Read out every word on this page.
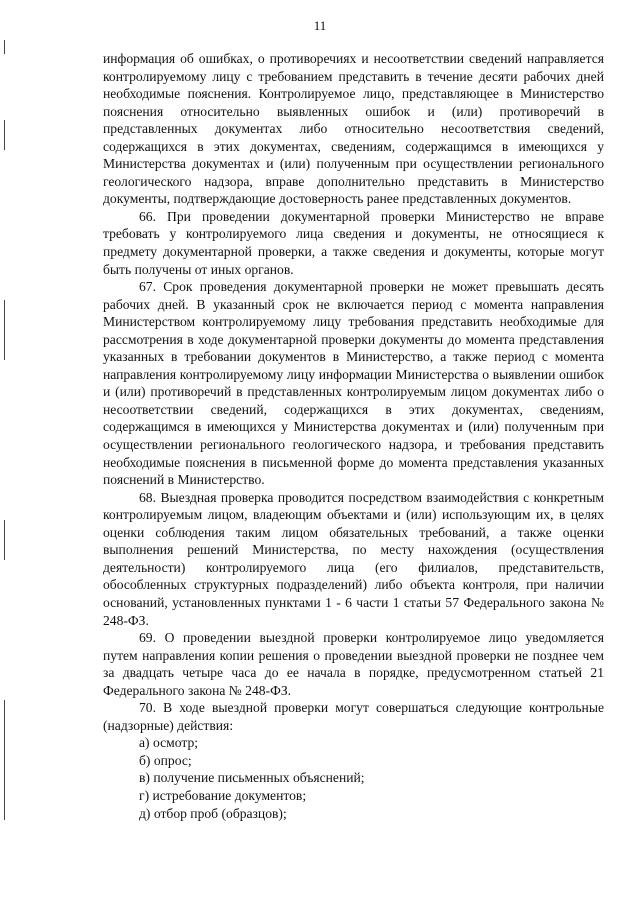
11

информация об ошибках, о противоречиях и несоответствии сведений направляется контролируемому лицу с требованием представить в течение десяти рабочих дней необходимые пояснения. Контролируемое лицо, представляющее в Министерство пояснения относительно выявленных ошибок и (или) противоречий в представленных документах либо относительно несоответствия сведений, содержащихся в этих документах, сведениям, содержащимся в имеющихся у Министерства документах и (или) полученным при осуществлении регионального геологического надзора, вправе дополнительно представить в Министерство документы, подтверждающие достоверность ранее представленных документов.

66. При проведении документарной проверки Министерство не вправе требовать у контролируемого лица сведения и документы, не относящиеся к предмету документарной проверки, а также сведения и документы, которые могут быть получены от иных органов.

67. Срок проведения документарной проверки не может превышать десять рабочих дней. В указанный срок не включается период с момента направления Министерством контролируемому лицу требования представить необходимые для рассмотрения в ходе документарной проверки документы до момента представления указанных в требовании документов в Министерство, а также период с момента направления контролируемому лицу информации Министерства о выявлении ошибок и (или) противоречий в представленных контролируемым лицом документах либо о несоответствии сведений, содержащихся в этих документах, сведениям, содержащимся в имеющихся у Министерства документах и (или) полученным при осуществлении регионального геологического надзора, и требования представить необходимые пояснения в письменной форме до момента представления указанных пояснений в Министерство.

68. Выездная проверка проводится посредством взаимодействия с конкретным контролируемым лицом, владеющим объектами и (или) использующим их, в целях оценки соблюдения таким лицом обязательных требований, а также оценки выполнения решений Министерства, по месту нахождения (осуществления деятельности) контролируемого лица (его филиалов, представительств, обособленных структурных подразделений) либо объекта контроля, при наличии оснований, установленных пунктами 1 - 6 части 1 статьи 57 Федерального закона № 248-ФЗ.

69. О проведении выездной проверки контролируемое лицо уведомляется путем направления копии решения о проведении выездной проверки не позднее чем за двадцать четыре часа до ее начала в порядке, предусмотренном статьей 21 Федерального закона № 248-ФЗ.

70. В ходе выездной проверки могут совершаться следующие контрольные (надзорные) действия:

а) осмотр;
б) опрос;
в) получение письменных объяснений;
г) истребование документов;
д) отбор проб (образцов);
